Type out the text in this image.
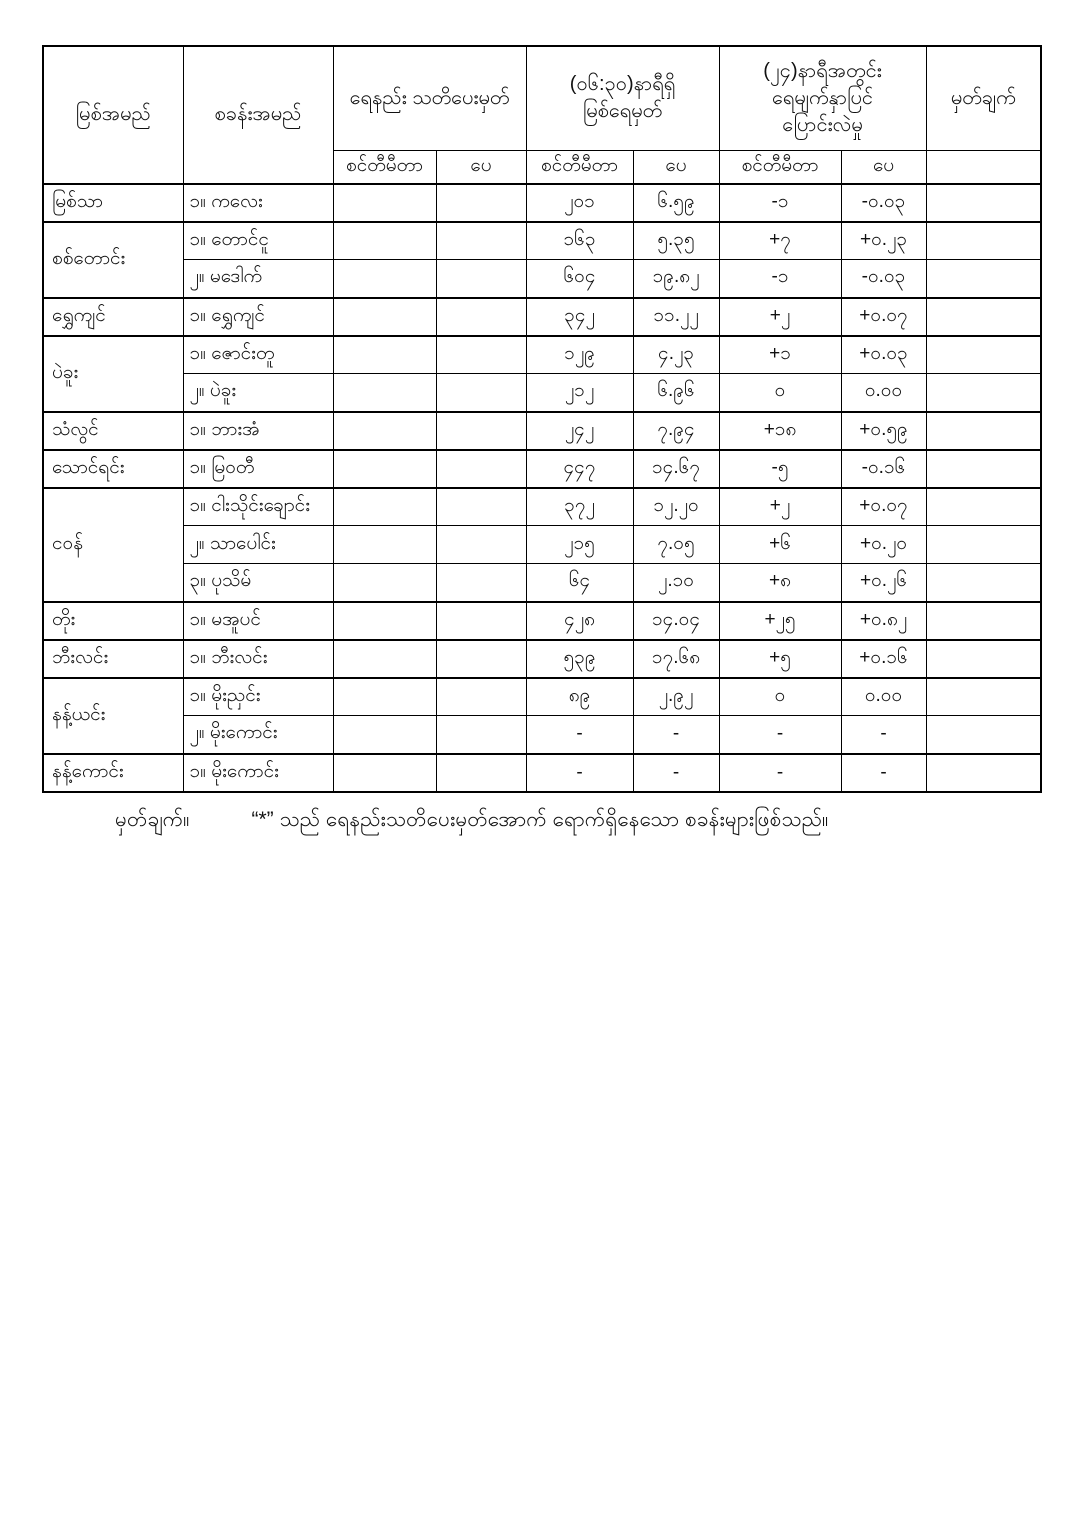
မြစ်အမည်	စခန်းအမည်	ရေနည်း သတိပေးမှတ်		(၀၆:၃၀)နာရီရှိ
မြစ်ရေမှတ်		(၂၄)နာရီအတွင်း
ရေမျက်နှာပြင်
ပြောင်းလဲမှု		မှတ်ချက်
		စင်တီမီတာ	ပေ	စင်တီမီတာ	ပေ	စင်တီမီတာ	ပေ	
မြစ်သာ	၁။ ကလေး			၂၀၁	၆.၅၉	-၁	-၀.၀၃	
စစ်တောင်း	၁။ တောင်ငူ			၁၆၃	၅.၃၅	+၇	+၀.၂၃	
	၂။ မဒေါက်			၆၀၄	၁၉.၈၂	-၁	-၀.၀၃	
ရွှေကျင်	၁။ ရွှေကျင်			၃၄၂	၁၁.၂၂	+၂	+၀.၀၇	
ပဲခူး	၁။ ဇောင်းတူ			၁၂၉	၄.၂၃	+၁	+၀.၀၃	
	၂။ ပဲခူး			၂၁၂	၆.၉၆	၀	၀.၀၀	
သံလွင်	၁။ ဘားအံ			၂၄၂	၇.၉၄	+၁၈	+၀.၅၉	
သောင်ရင်း	၁။ မြဝတီ			၄၄၇	၁၄.၆၇	-၅	-၀.၁၆	
ငဝန်	၁။ ငါးသိုင်းချောင်း			၃၇၂	၁၂.၂၀	+၂	+၀.၀၇	
	၂။ သာပေါင်း			၂၁၅	၇.၀၅	+၆	+၀.၂၀	
	၃။ ပုသိမ်			၆၄	၂.၁၀	+၈	+၀.၂၆	
တိုး	၁။ မအူပင်			၄၂၈	၁၄.၀၄	+၂၅	+၀.၈၂	
ဘီးလင်း	၁။ ဘီးလင်း			၅၃၉	၁၇.၆၈	+၅	+၀.၁၆	
နန့်ယင်း	၁။ မိုးညှင်း			၈၉	၂.၉၂	၀	၀.၀၀	
	၂။ မိုးကောင်း			-	-	-	-	
နန့်ကောင်း	၁။ မိုးကောင်း			-	-	-	-	
မှတ်ချက်။	“*” သည် ရေနည်းသတိပေးမှတ်အောက် ရောက်ရှိနေသော စခန်းများဖြစ်သည်။
